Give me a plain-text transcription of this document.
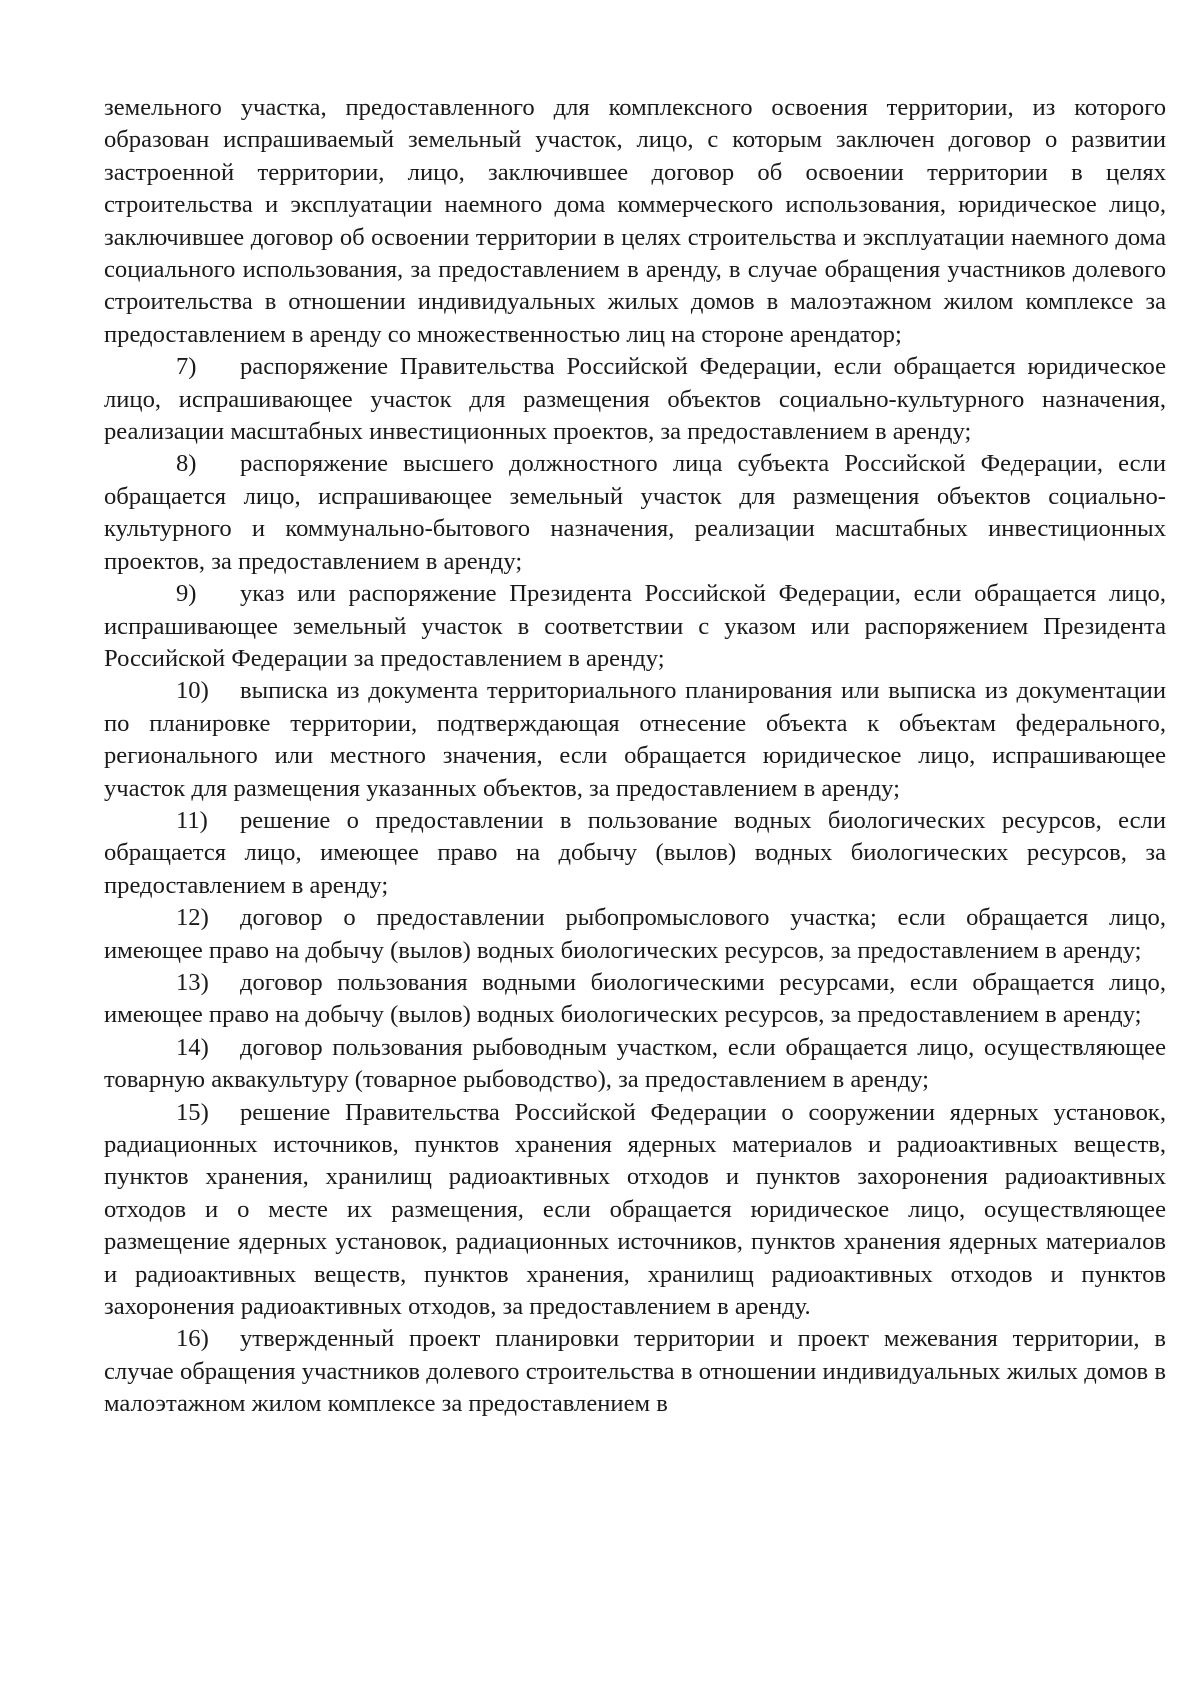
земельного участка, предоставленного для комплексного освоения территории, из которого образован испрашиваемый земельный участок, лицо, с которым заключен договор о развитии застроенной территории, лицо, заключившее договор об освоении территории в целях строительства и эксплуатации наемного дома коммерческого использования, юридическое лицо, заключившее договор об освоении территории в целях строительства и эксплуатации наемного дома социального использования, за предоставлением в аренду, в случае обращения участников долевого строительства в отношении индивидуальных жилых домов в малоэтажном жилом комплексе за предоставлением в аренду со множественностью лиц на стороне арендатор;

7) распоряжение Правительства Российской Федерации, если обращается юридическое лицо, испрашивающее участок для размещения объектов социально-культурного назначения, реализации масштабных инвестиционных проектов, за предоставлением в аренду;

8) распоряжение высшего должностного лица субъекта Российской Федерации, если обращается лицо, испрашивающее земельный участок для размещения объектов социально-культурного и коммунально-бытового назначения, реализации масштабных инвестиционных проектов, за предоставлением в аренду;

9) указ или распоряжение Президента Российской Федерации, если обращается лицо, испрашивающее земельный участок в соответствии с указом или распоряжением Президента Российской Федерации за предоставлением в аренду;

10) выписка из документа территориального планирования или выписка из документации по планировке территории, подтверждающая отнесение объекта к объектам федерального, регионального или местного значения, если обращается юридическое лицо, испрашивающее участок для размещения указанных объектов, за предоставлением в аренду;

11) решение о предоставлении в пользование водных биологических ресурсов, если обращается лицо, имеющее право на добычу (вылов) водных биологических ресурсов, за предоставлением в аренду;

12) договор о предоставлении рыбопромыслового участка; если обращается лицо, имеющее право на добычу (вылов) водных биологических ресурсов, за предоставлением в аренду;

13) договор пользования водными биологическими ресурсами, если обращается лицо, имеющее право на добычу (вылов) водных биологических ресурсов, за предоставлением в аренду;

14) договор пользования рыбоводным участком, если обращается лицо, осуществляющее товарную аквакультуру (товарное рыбоводство), за предоставлением в аренду;

15) решение Правительства Российской Федерации о сооружении ядерных установок, радиационных источников, пунктов хранения ядерных материалов и радиоактивных веществ, пунктов хранения, хранилищ радиоактивных отходов и пунктов захоронения радиоактивных отходов и о месте их размещения, если обращается юридическое лицо, осуществляющее размещение ядерных установок, радиационных источников, пунктов хранения ядерных материалов и радиоактивных веществ, пунктов хранения, хранилищ радиоактивных отходов и пунктов захоронения радиоактивных отходов, за предоставлением в аренду.

16) утвержденный проект планировки территории и проект межевания территории, в случае обращения участников долевого строительства в отношении индивидуальных жилых домов в малоэтажном жилом комплексе за предоставлением в
